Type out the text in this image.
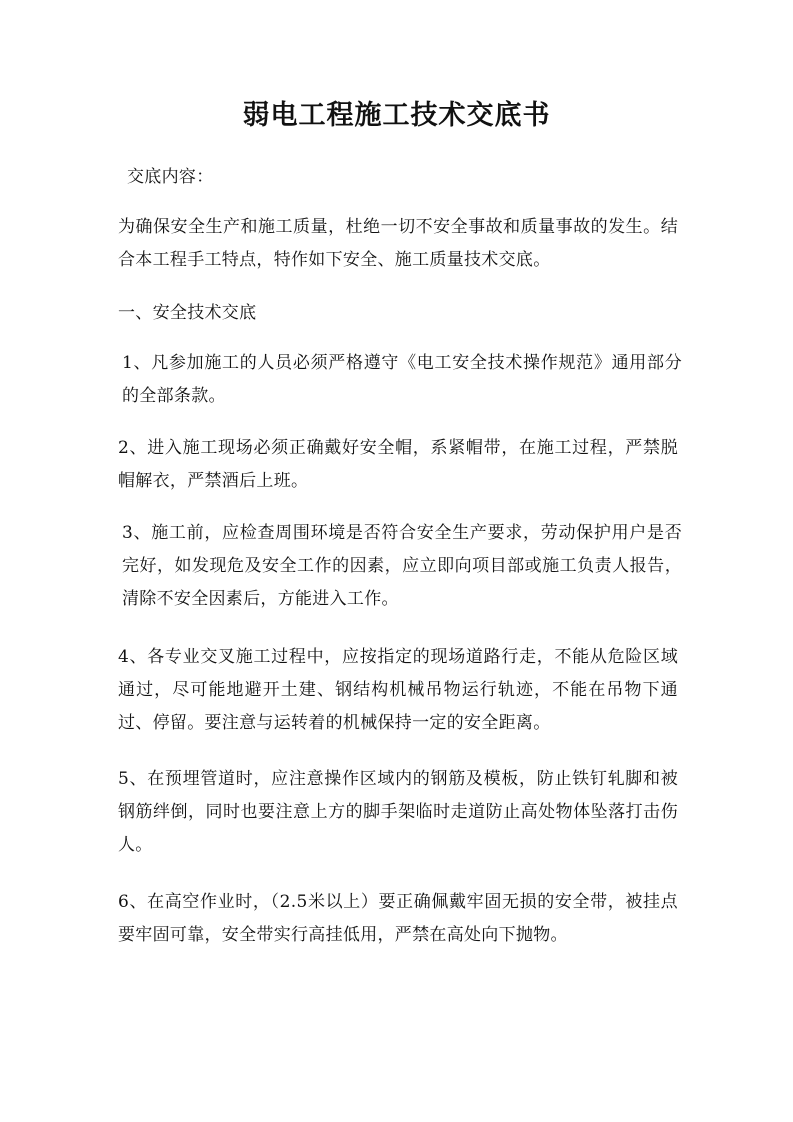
弱电工程施工技术交底书

交底内容：

为确保安全生产和施工质量，杜绝一切不安全事故和质量事故的发生。结合本工程手工特点，特作如下安全、施工质量技术交底。

一、安全技术交底

1、凡参加施工的人员必须严格遵守《电工安全技术操作规范》通用部分的全部条款。

2、进入施工现场必须正确戴好安全帽，系紧帽带，在施工过程，严禁脱帽解衣，严禁酒后上班。

3、施工前，应检查周围环境是否符合安全生产要求，劳动保护用户是否完好，如发现危及安全工作的因素，应立即向项目部或施工负责人报告，清除不安全因素后，方能进入工作。

4、各专业交叉施工过程中，应按指定的现场道路行走，不能从危险区域通过，尽可能地避开土建、钢结构机械吊物运行轨迹，不能在吊物下通过、停留。要注意与运转着的机械保持一定的安全距离。

5、在预埋管道时，应注意操作区域内的钢筋及模板，防止铁钉轧脚和被钢筋绊倒，同时也要注意上方的脚手架临时走道防止高处物体坠落打击伤人。

6、在高空作业时，（2.5米以上）要正确佩戴牢固无损的安全带，被挂点要牢固可靠，安全带实行高挂低用，严禁在高处向下抛物。
